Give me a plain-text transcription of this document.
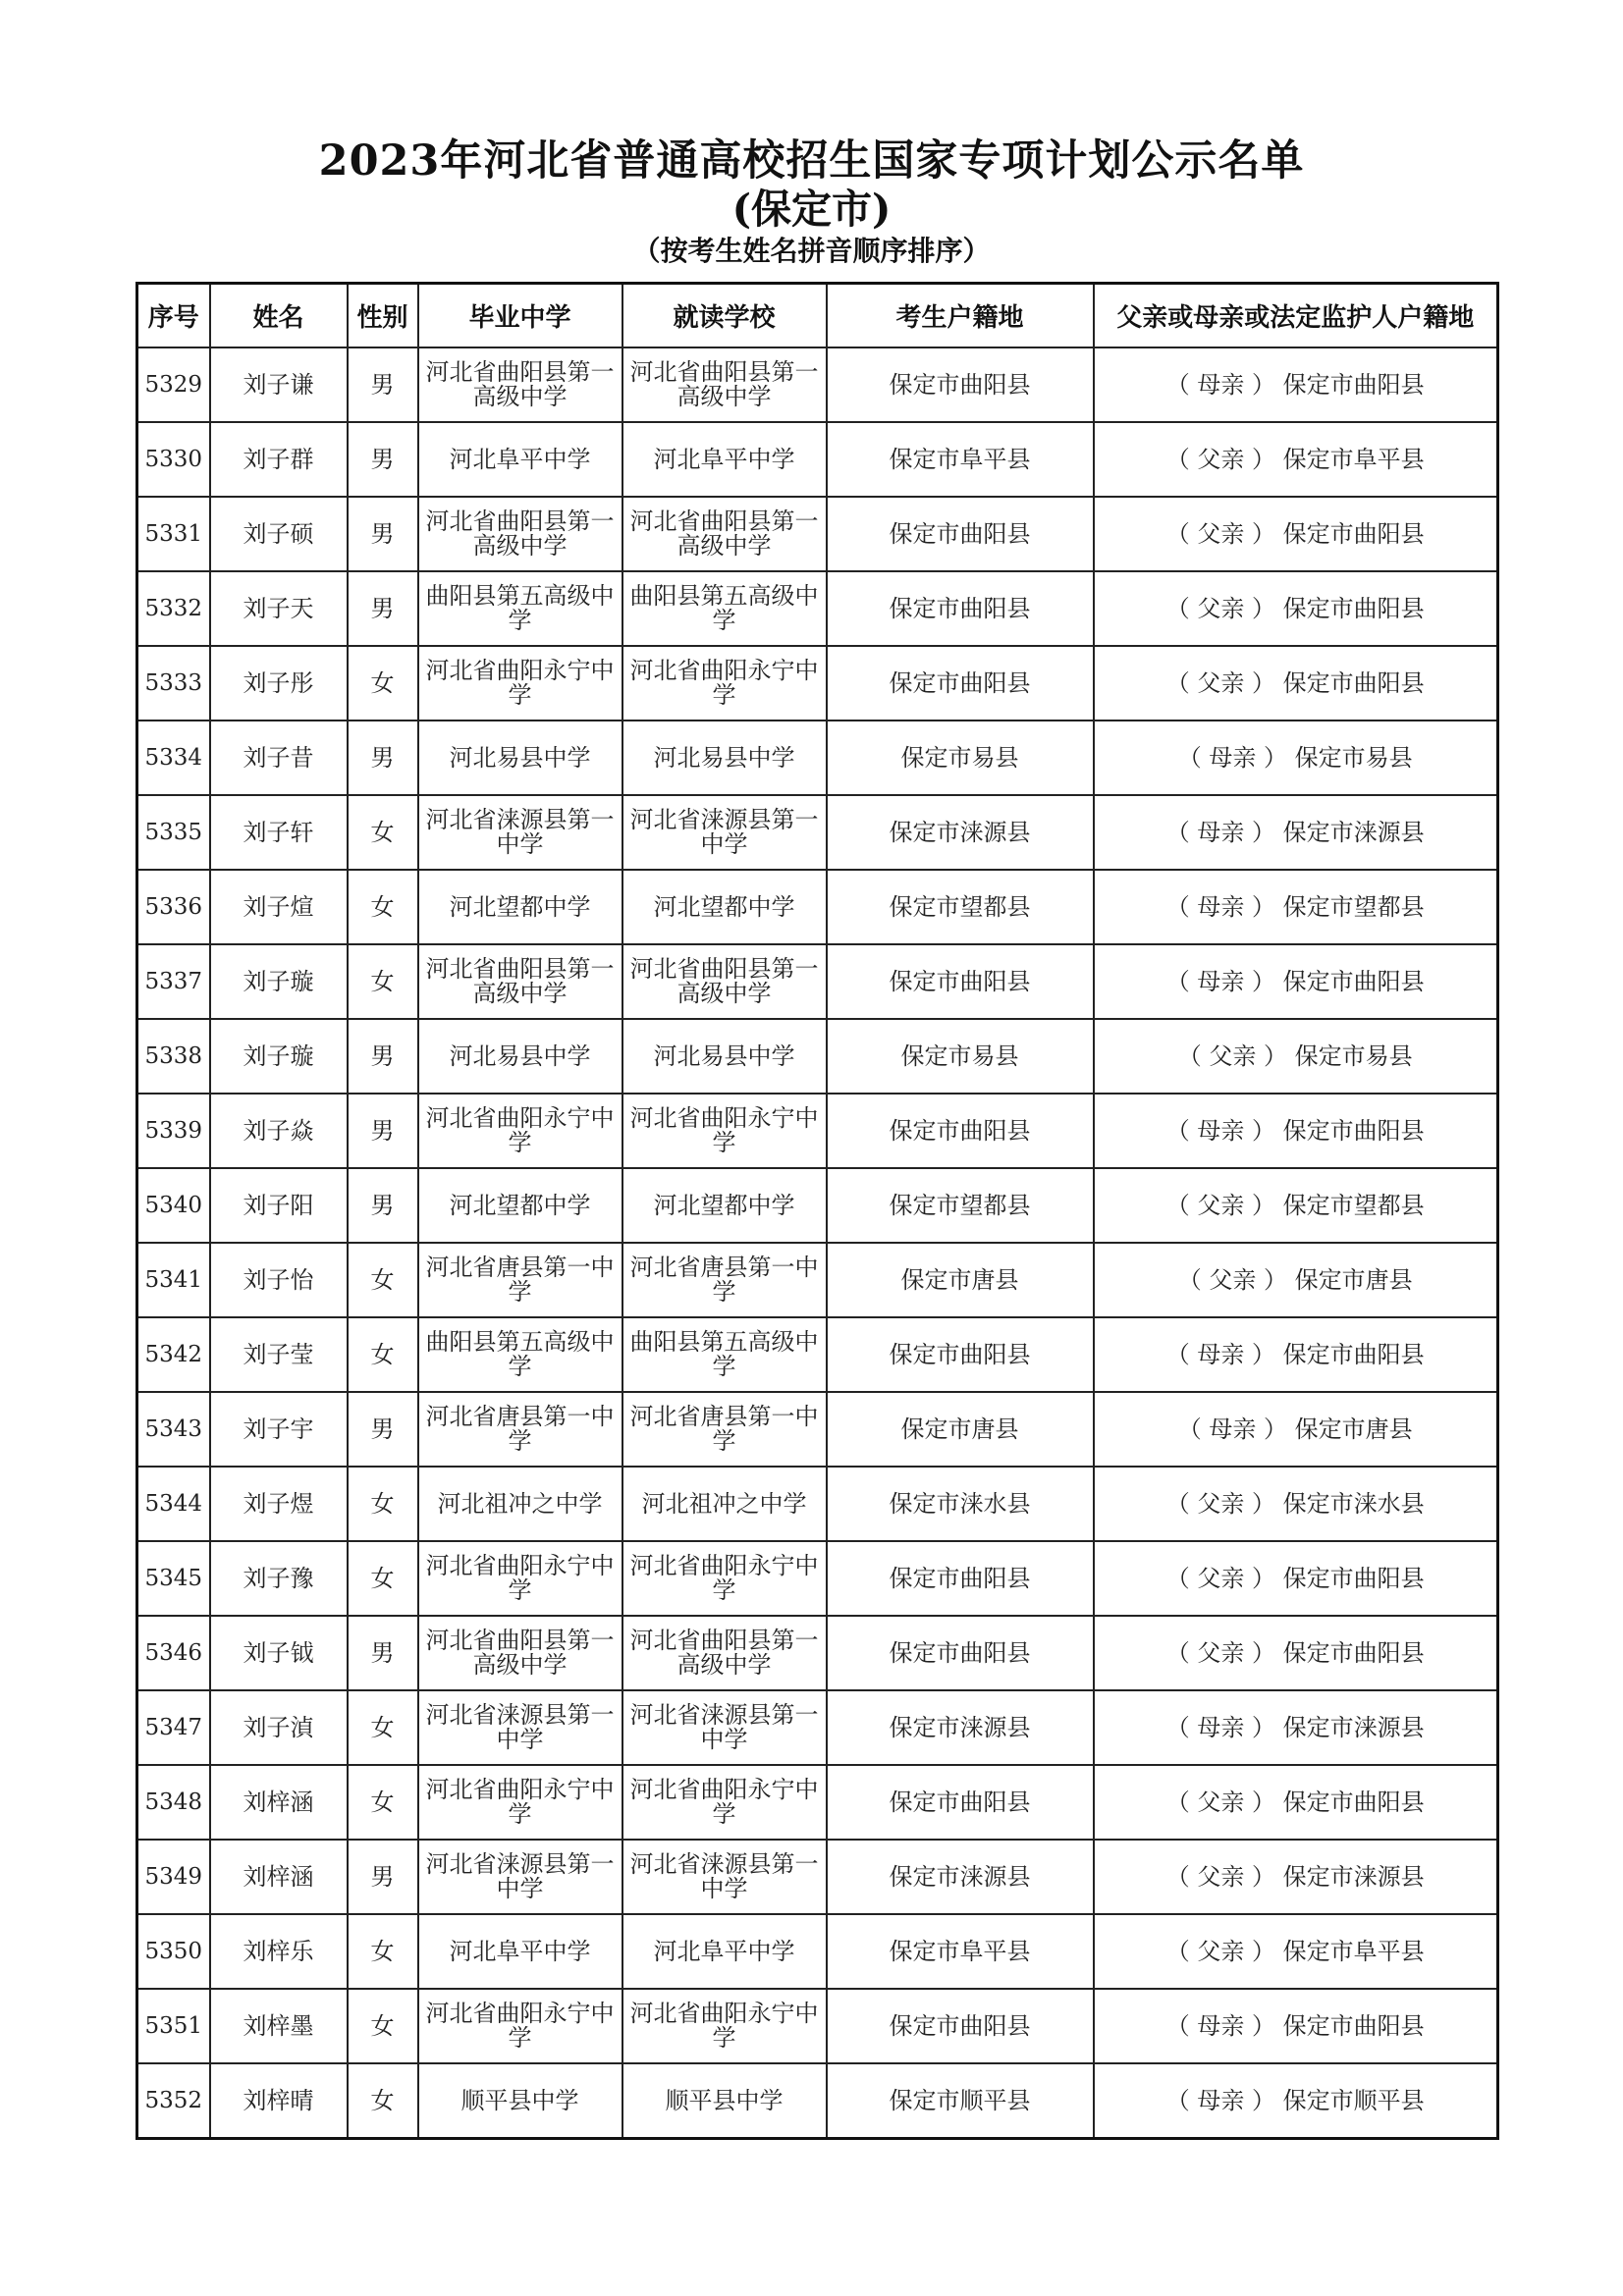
2023年河北省普通高校招生国家专项计划公示名单
(保定市)
（按考生姓名拼音顺序排序）
序号	姓名	性别	毕业中学	就读学校	考生户籍地	父亲或母亲或法定监护人户籍地
5329	刘子谦	男	河北省曲阳县第一高级中学	河北省曲阳县第一高级中学	保定市曲阳县	（ 母亲 ） 保定市曲阳县
5330	刘子群	男	河北阜平中学	河北阜平中学	保定市阜平县	（ 父亲 ） 保定市阜平县
5331	刘子硕	男	河北省曲阳县第一高级中学	河北省曲阳县第一高级中学	保定市曲阳县	（ 父亲 ） 保定市曲阳县
5332	刘子天	男	曲阳县第五高级中学	曲阳县第五高级中学	保定市曲阳县	（ 父亲 ） 保定市曲阳县
5333	刘子彤	女	河北省曲阳永宁中学	河北省曲阳永宁中学	保定市曲阳县	（ 父亲 ） 保定市曲阳县
5334	刘子昔	男	河北易县中学	河北易县中学	保定市易县	（ 母亲 ） 保定市易县
5335	刘子轩	女	河北省涞源县第一中学	河北省涞源县第一中学	保定市涞源县	（ 母亲 ） 保定市涞源县
5336	刘子煊	女	河北望都中学	河北望都中学	保定市望都县	（ 母亲 ） 保定市望都县
5337	刘子璇	女	河北省曲阳县第一高级中学	河北省曲阳县第一高级中学	保定市曲阳县	（ 母亲 ） 保定市曲阳县
5338	刘子璇	男	河北易县中学	河北易县中学	保定市易县	（ 父亲 ） 保定市易县
5339	刘子焱	男	河北省曲阳永宁中学	河北省曲阳永宁中学	保定市曲阳县	（ 母亲 ） 保定市曲阳县
5340	刘子阳	男	河北望都中学	河北望都中学	保定市望都县	（ 父亲 ） 保定市望都县
5341	刘子怡	女	河北省唐县第一中学	河北省唐县第一中学	保定市唐县	（ 父亲 ） 保定市唐县
5342	刘子莹	女	曲阳县第五高级中学	曲阳县第五高级中学	保定市曲阳县	（ 母亲 ） 保定市曲阳县
5343	刘子宇	男	河北省唐县第一中学	河北省唐县第一中学	保定市唐县	（ 母亲 ） 保定市唐县
5344	刘子煜	女	河北祖冲之中学	河北祖冲之中学	保定市涞水县	（ 父亲 ） 保定市涞水县
5345	刘子豫	女	河北省曲阳永宁中学	河北省曲阳永宁中学	保定市曲阳县	（ 父亲 ） 保定市曲阳县
5346	刘子钺	男	河北省曲阳县第一高级中学	河北省曲阳县第一高级中学	保定市曲阳县	（ 父亲 ） 保定市曲阳县
5347	刘子湞	女	河北省涞源县第一中学	河北省涞源县第一中学	保定市涞源县	（ 母亲 ） 保定市涞源县
5348	刘梓涵	女	河北省曲阳永宁中学	河北省曲阳永宁中学	保定市曲阳县	（ 父亲 ） 保定市曲阳县
5349	刘梓涵	男	河北省涞源县第一中学	河北省涞源县第一中学	保定市涞源县	（ 父亲 ） 保定市涞源县
5350	刘梓乐	女	河北阜平中学	河北阜平中学	保定市阜平县	（ 父亲 ） 保定市阜平县
5351	刘梓墨	女	河北省曲阳永宁中学	河北省曲阳永宁中学	保定市曲阳县	（ 母亲 ） 保定市曲阳县
5352	刘梓晴	女	顺平县中学	顺平县中学	保定市顺平县	（ 母亲 ） 保定市顺平县
